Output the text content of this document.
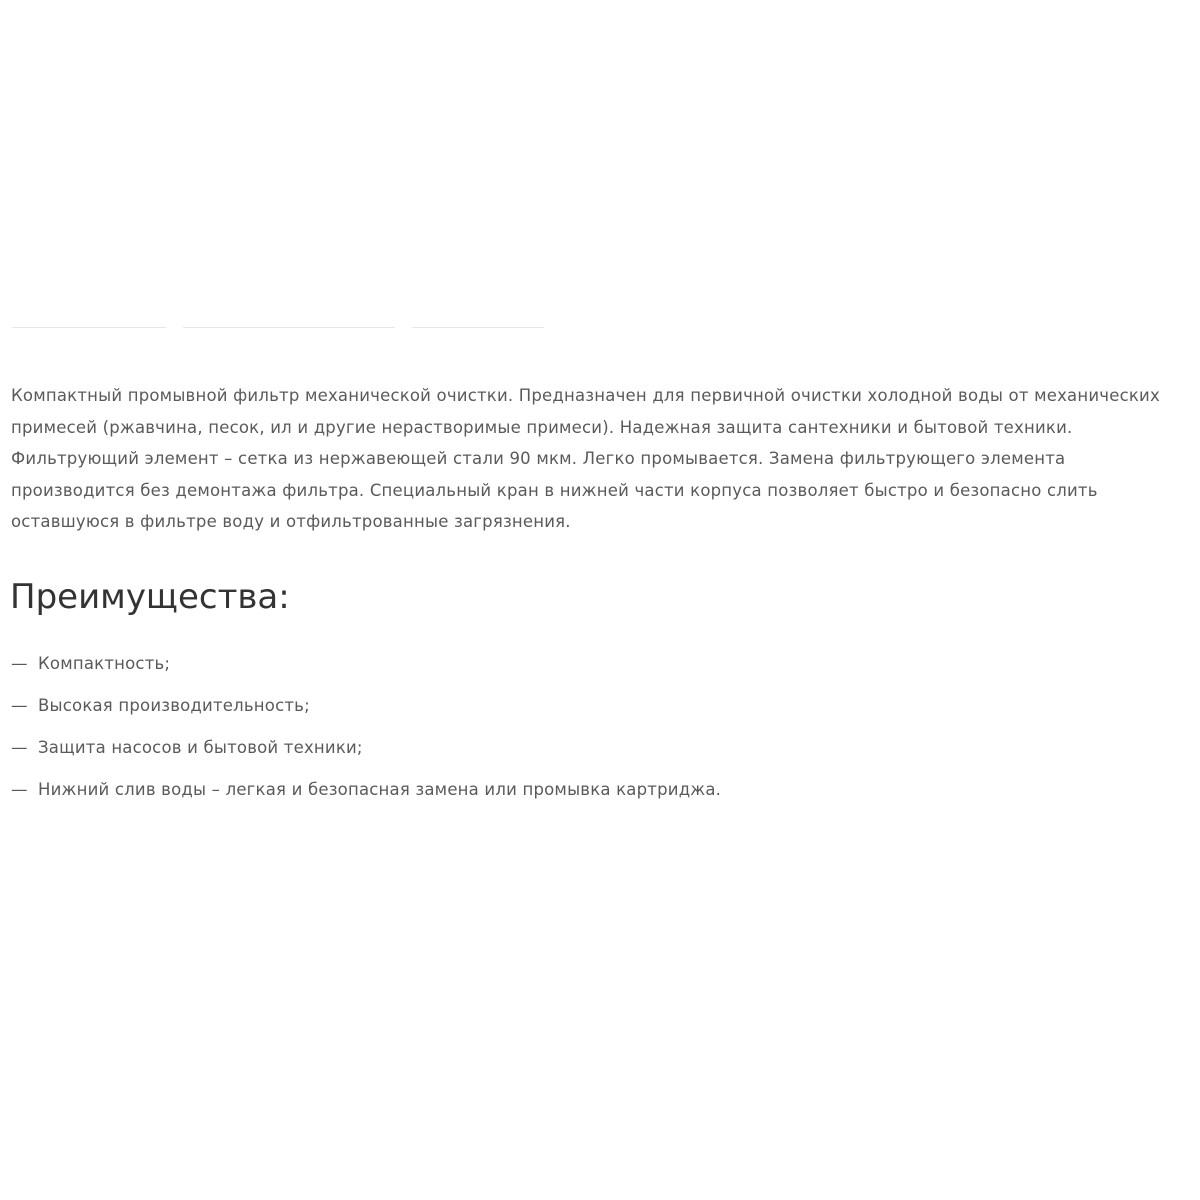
Компактный промывной фильтр механической очистки. Предназначен для первичной очистки холодной воды от механических примесей (ржавчина, песок, ил и другие нерастворимые примеси). Надежная защита сантехники и бытовой техники. Фильтрующий элемент – сетка из нержавеющей стали 90 мкм. Легко промывается. Замена фильтрующего элемента производится без демонтажа фильтра. Специальный кран в нижней части корпуса позволяет быстро и безопасно слить оставшуюся в фильтре воду и отфильтрованные загрязнения.

Преимущества:
— Компактность;
— Высокая производительность;
— Защита насосов и бытовой техники;
— Нижний слив воды – легкая и безопасная замена или промывка картриджа.
